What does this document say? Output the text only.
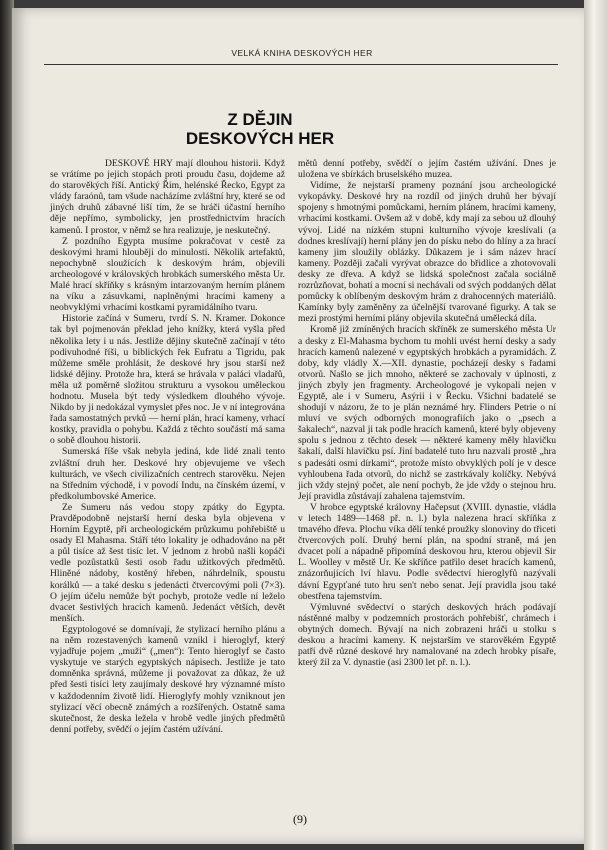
VELKÁ KNIHA DESKOVÝCH HER
Z DĚJIN
DESKOVÝCH HER

DESKOVÉ HRY mají dlouhou historii. Když se vrátíme po jejich stopách proti proudu času, dojdeme až do starověkých říší. Antický Řím, helénské Řecko, Egypt za vlády faraónů, tam všude nacházíme zvláštní hry, které se od jiných druhů zábavné liší tím, že se hráči účastní herního děje nepřímo, symbolicky, jen prostřednictvím hracích kamenů. I prostor, v němž se hra realizuje, je neskutečný.

Z pozdního Egypta musíme pokračovat v cestě za deskovými hrami hlouběji do minulosti. Několik artefaktů, nepochybně sloužících k deskovým hrám, objevili archeologové v královských hrobkách sumerského města Ur. Malé hrací skříňky s krásným intarzovaným herním plánem na víku a zásuvkami, naplněnými hracími kameny a neobvyklými vrhacími kostkami pyramidálního tvaru.

Historie začíná v Sumeru, tvrdí S. N. Kramer. Dokonce tak byl pojmenován překlad jeho knížky, která vyšla před několika lety i u nás. Jestliže dějiny skutečně začínají v této podivuhodné říši, u biblických řek Eufratu a Tigridu, pak můžeme směle prohlásit, že deskové hry jsou starší než lidské dějiny. Protože hra, která se hrávala v paláci vladařů, měla už poměrně složitou strukturu a vysokou uměleckou hodnotu. Musela být tedy výsledkem dlouhého vývoje. Nikdo by ji nedokázal vymyslet přes noc. Je v ní integrována řada samostatných prvků — herní plán, hrací kameny, vrhací kostky, pravidla o pohybu. Každá z těchto součástí má sama o sobě dlouhou historii.

Sumerská říše však nebyla jediná, kde lidé znali tento zvláštní druh her. Deskové hry objevujeme ve všech kulturách, ve všech civilizačních centrech starověku. Nejen na Středním východě, i v povodí Indu, na čínském území, v předkolumbovské Americe.

Ze Sumeru nás vedou stopy zpátky do Egypta. Pravděpodobně nejstarší herní deska byla objevena v Horním Egyptě, při archeologickém průzkumu pohřebiště u osady El Mahasma. Stáří této lokality je odhadováno na pět a půl tisíce až šest tisíc let. V jednom z hrobů našli kopáči vedle pozůstatků šesti osob řadu užitkových předmětů. Hliněné nádoby, kostěný hřeben, náhrdelník, spoustu korálků — a také desku s jedenácti čtvercovými poli (7×3). O jejím účelu nemůže být pochyb, protože vedle ní leželo dvacet šestivlých hracích kamenů. Jedenáct větších, devět menších.

Egyptologové se domnívají, že stylizací herního plánu a na něm rozestavených kamenů vznikl i hieroglyf, který vyjadřuje pojem „muži“ („men“): Tento hieroglyf se často vyskytuje ve starých egyptských nápisech. Jestliže je tato domněnka správná, můžeme ji považovat za důkaz, že už před šesti tisíci lety zaujímaly deskové hry významné místo v každodenním životě lidí. Hieroglyfy mohly vzniknout jen stylizací věcí obecně známých a rozšířených. Ostatně sama skutečnost, že deska ležela v hrobě vedle jiných předmětů denní potřeby, svědčí o jejím častém užívání.

mětů denní potřeby, svědčí o jejím častém užívání. Dnes je uložena ve sbírkách bruselského muzea.

Vidíme, že nejstarší prameny poznání jsou archeologické vykopávky. Deskové hry na rozdíl od jiných druhů her bývají spojeny s hmotnými pomůckami, herním plánem, hracími kameny, vrhacími kostkami. Ovšem až v době, kdy mají za sebou už dlouhý vývoj. Lidé na nízkém stupni kulturního vývoje kreslívali (a dodnes kreslívají) herní plány jen do písku nebo do hlíny a za hrací kameny jim sloužily oblázky. Důkazem je i sám název hrací kameny. Později začali vyrývat obrazce do břidlice a zhotovovali desky ze dřeva. A když se lidská společnost začala sociálně rozrůzňovat, bohatí a mocní si nechávali od svých poddaných dělat pomůcky k oblíbeným deskovým hrám z drahocenných materiálů. Kamínky byly zaměněny za účelnější tvarované figurky. A tak se mezi prostými herními plány objevila skutečná umělecká díla.

Kromě již zmíněných hracích skříněk ze sumerského města Ur a desky z El-Mahasma bychom tu mohli uvést herní desky a sady hracích kamenů nalezené v egyptských hrobkách a pyramidách. Z doby, kdy vládly X.—XII. dynastie, pocházejí desky s řadami otvorů. Našlo se jich mnoho, některé se zachovaly v úplnosti, z jiných zbyly jen fragmenty. Archeologové je vykopali nejen v Egyptě, ale i v Sumeru, Asýrii i v Řecku. Všichni badatelé se shodují v názoru, že to je plán neznámé hry. Flinders Petrie o ní mluví ve svých odborných monografiích jako o „psech a šakalech“, nazval ji tak podle hracích kamenů, které byly objeveny spolu s jednou z těchto desek — některé kameny měly hlavičku šakalí, další hlavičku psí. Jiní badatelé tuto hru nazvali prostě „hra s padesáti osmi dírkami“, protože místo obvyklých polí je v desce vyhloubena řada otvorů, do nichž se zastrkávaly kolíčky. Nebývá jich vždy stejný počet, ale není pochyb, že jde vždy o stejnou hru. Její pravidla zůstávají zahalena tajemstvím.

V hrobce egyptské královny Hačepsut (XVIII. dynastie, vládla v letech 1489—1468 př. n. l.) byla nalezena hrací skříňka z tmavého dřeva. Plochu víka dělí tenké proužky slonoviny do třiceti čtvercových polí. Druhý herní plán, na spodní straně, má jen dvacet polí a nápadně připomíná deskovou hru, kterou objevil Sir L. Woolley v městě Ur. Ke skříňce patřilo deset hracích kamenů, znázorňujících lví hlavu. Podle svědectví hieroglyfů nazývali dávní Egypťané tuto hru sen't nebo senat. Její pravidla jsou také obestřena tajemstvím.

Výmluvné svědectví o starých deskových hrách podávají nástěnné malby v podzemních prostorách pohřebišť, chrámech i obytných domech. Bývají na nich zobrazeni hráči u stolku s deskou a hracími kameny. K nejstarším ve starověkém Egyptě patří dvě různé deskové hry namalované na zdech hrobky písaře, který žil za V. dynastie (asi 2300 let př. n. l.).

(9)
